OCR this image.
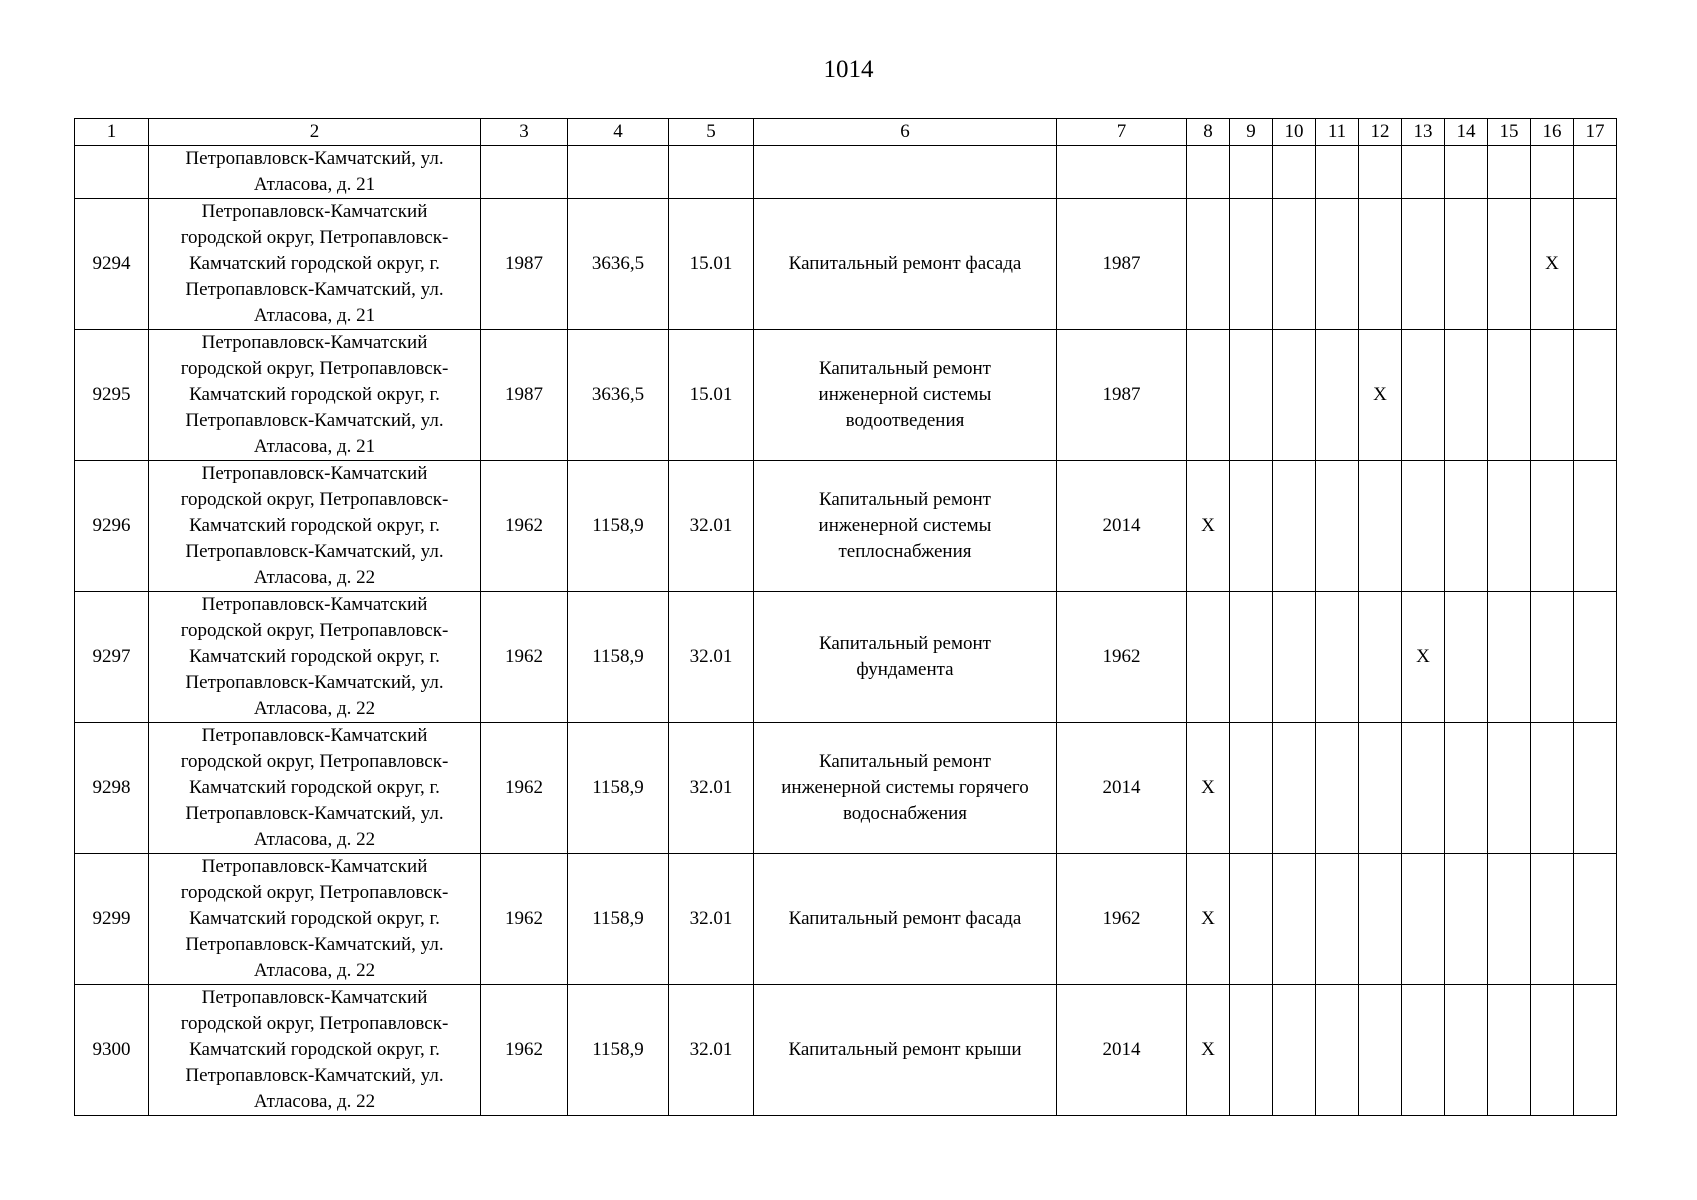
1014
1	2	3	4	5	6	7	8	9	10	11	12	13	14	15	16	17
	Петропавловск-Камчатский, ул.
Атласова, д. 21															
9294	Петропавловск-Камчатский
городской округ, Петропавловск-
Камчатский городской округ, г.
Петропавловск-Камчатский, ул.
Атласова, д. 21	1987	3636,5	15.01	Капитальный ремонт фасада	1987									X	
9295	Петропавловск-Камчатский
городской округ, Петропавловск-
Камчатский городской округ, г.
Петропавловск-Камчатский, ул.
Атласова, д. 21	1987	3636,5	15.01	Капитальный ремонт
инженерной системы
водоотведения	1987					X					
9296	Петропавловск-Камчатский
городской округ, Петропавловск-
Камчатский городской округ, г.
Петропавловск-Камчатский, ул.
Атласова, д. 22	1962	1158,9	32.01	Капитальный ремонт
инженерной системы
теплоснабжения	2014	X									
9297	Петропавловск-Камчатский
городской округ, Петропавловск-
Камчатский городской округ, г.
Петропавловск-Камчатский, ул.
Атласова, д. 22	1962	1158,9	32.01	Капитальный ремонт
фундамента	1962						X				
9298	Петропавловск-Камчатский
городской округ, Петропавловск-
Камчатский городской округ, г.
Петропавловск-Камчатский, ул.
Атласова, д. 22	1962	1158,9	32.01	Капитальный ремонт
инженерной системы горячего
водоснабжения	2014	X									
9299	Петропавловск-Камчатский
городской округ, Петропавловск-
Камчатский городской округ, г.
Петропавловск-Камчатский, ул.
Атласова, д. 22	1962	1158,9	32.01	Капитальный ремонт фасада	1962	X									
9300	Петропавловск-Камчатский
городской округ, Петропавловск-
Камчатский городской округ, г.
Петропавловск-Камчатский, ул.
Атласова, д. 22	1962	1158,9	32.01	Капитальный ремонт крыши	2014	X									
